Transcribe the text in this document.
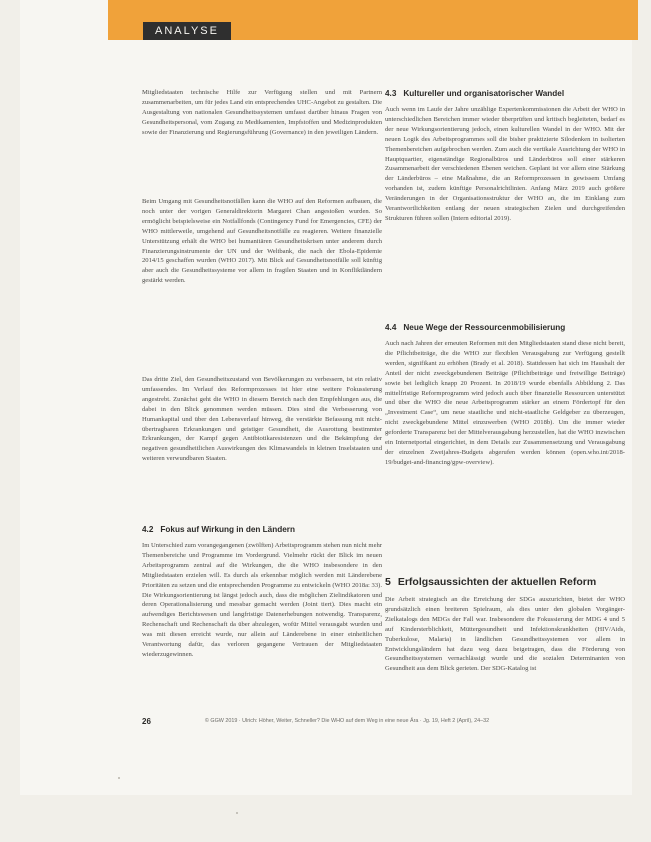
ANALYSE

Mitgliedstaaten technische Hilfe zur Verfügung stellen und mit Partnern zusammenarbeiten, um für jedes Land ein entsprechendes UHC-Angebot zu gestalten. Die Ausgestaltung von nationalen Gesundheitssystemen umfasst darüber hinaus Fragen von Gesundheitspersonal, vom Zugang zu Medikamenten, Impfstoffen und Medizinprodukten sowie der Finanzierung und Regierungsführung (Governance) in den jeweiligen Ländern.

Beim Umgang mit Gesundheitsnotfällen kann die WHO auf den Reformen aufbauen, die noch unter der vorigen Generaldirektorin Margaret Chan angestoßen wurden. So ermöglicht beispielsweise ein Notfallfonds (Contingency Fund for Emergencies, CFE) der WHO mittlerweile, umgehend auf Gesundheitsnotfälle zu reagieren. Weitere finanzielle Unterstützung erhält die WHO bei humanitären Gesundheitskrisen unter anderem durch Finanzierungsinstrumente der UN und der Weltbank, die nach der Ebola-Epidemie 2014/15 geschaffen wurden (WHO 2017). Mit Blick auf Gesundheitsnotfälle soll künftig aber auch die Gesundheitssysteme vor allem in fragilen Staaten und in Konfliktländern gestärkt werden.

Das dritte Ziel, den Gesundheitszustand von Bevölkerungen zu verbessern, ist ein relativ umfassendes. Im Verlauf des Reformprozesses ist hier eine weitere Fokussierung angestrebt. Zunächst geht die WHO in diesem Bereich nach den Empfehlungen aus, die dabei in den Blick genommen werden müssen. Dies sind die Verbesserung von Humankapital und über den Lebensverlauf hinweg, die verstärkte Befassung mit nicht-übertragbaren Erkrankungen und geistiger Gesundheit, die Ausrottung bestimmter Erkrankungen, der Kampf gegen Antibiotikaresistenzen und die Bekämpfung der negativen gesundheitlichen Auswirkungen des Klimawandels in kleinen Inselstaaten und weiteren verwundbaren Staaten.

4.2 Fokus auf Wirkung in den Ländern

Im Unterschied zum vorangegangenen (zwölften) Arbeitsprogramm stehen nun nicht mehr Themenbereiche und Programme im Vordergrund. Vielmehr rückt der Blick im neuen Arbeitsprogramm zentral auf die Wirkungen, die die WHO insbesondere in den Mitgliedstaaten erzielen will. Es durch als erkennbar möglich werden mit Länderebene Prioritäten zu setzen und die entsprechenden Programme zu entwickeln (WHO 2018a: 33). Die Wirkungsorientierung ist längst jedoch auch, dass die möglichen Zielindikatoren und deren Operationalisierung und messbar gemacht werden (Joint tiert). Dies macht ein aufwendiges Berichtswesen und langfristige Datenerhebungen notwendig. Transparenz, Rechenschaft und Rechenschaft da über abzulegen, wofür Mittel verausgabt wurden und was mit diesen erreicht wurde, nur allein auf Länderebene in einer einheitlichen Verantwortung dafür, das verloren gegangene Vertrauen der Mitgliedstaaten wiederzugewinnen.

4.3 Kultureller und organisatorischer Wandel

Auch wenn im Laufe der Jahre unzählige Expertenkommissionen die Arbeit der WHO in unterschiedlichen Bereichen immer wieder überprüften und kritisch begleiteten, bedarf es der neue Wirkungsorientierung jedoch, einen kulturellen Wandel in der WHO. Mit der neuen Logik des Arbeitsprogrammes soll die bisher praktizierte Silodenken in isolierten Themenbereichen aufgebrochen werden. Zum auch die vertikale Ausrichtung der WHO in Hauptquartier, eigenständige Regionalbüros und Länderbüros soll einer stärkeren Zusammenarbeit der verschiedenen Ebenen weichen. Geplant ist vor allem eine Stärkung der Länderbüros – eine Maßnahme, die an Reformprozessen in gewissem Umfang vorhanden ist, zudem künftige Personalrichtlinien. Anfang März 2019 auch größere Veränderungen in der Organisationsstruktur der WHO an, die im Einklang zum Verantwortlichkeiten entlang der neuen strategischen Zielen und durchgreifenden Strukturen führen sollen (Intern editorial 2019).

4.4 Neue Wege der Ressourcenmobilisierung

Auch nach Jahren der erneuten Reformen mit den Mitgliedstaaten stand diese nicht bereit, die Pflichtbeiträge, die die WHO zur flexiblen Verausgabung zur Verfügung gestellt werden, signifikant zu erhöhen (Brady et al. 2018). Stattdessen hat sich im Haushalt der Anteil der nicht zweckgebundenen Beiträge (Pflichtbeiträge und freiwillige Beiträge) sowie bei lediglich knapp 20 Prozent. In 2018/19 wurde ebenfalls Abbildung 2. Das mittelfristige Reformprogramm wird jedoch auch über finanzielle Ressourcen unterstützt und über die WHO die neue Arbeitsprogramm stärker an einem Fördertopf für den „Investment Case“, um neue staatliche und nicht-staatliche Geldgeber zu überzeugen, nicht zweckgebundene Mittel einzuwerben (WHO 2018b). Um die immer wieder geforderte Transparenz bei der Mittelverausgabung herzustellen, hat die WHO inzwischen ein Internetportal eingerichtet, in dem Details zur Zusammensetzung und Verausgabung der einzelnen Zweijahres-Budgets abgerufen werden können (open.who.int/2018-19/budget-and-financing/gpw-overview).

5 Erfolgsaussichten der aktuellen Reform

Die Arbeit strategisch an die Erreichung der SDGs auszurichten, bietet der WHO grundsätzlich einen breiteren Spielraum, als dies unter den globalen Vorgänger-Zielkatalogs den MDGs der Fall war. Insbesondere die Fokussierung der MDG 4 und 5 auf Kindersterblichkeit, Müttergesundheit und Infektionskrankheiten (HIV/Aids, Tuberkulose, Malaria) in ländlichen Gesundheitssystemen vor allem in Entwicklungsländern hat dazu weg dazu beigetragen, dass die Förderung von Gesundheitssystemen vernachlässigt wurde und die sozialen Determinanten von Gesundheit aus dem Blick gerieten. Der SDG-Katalog ist

26	© GGW 2019 · Ulrich: Höher, Weiter, Schneller? Die WHO auf dem Weg in eine neue Ära · Jg. 19, Heft 2 (April), 24–32
